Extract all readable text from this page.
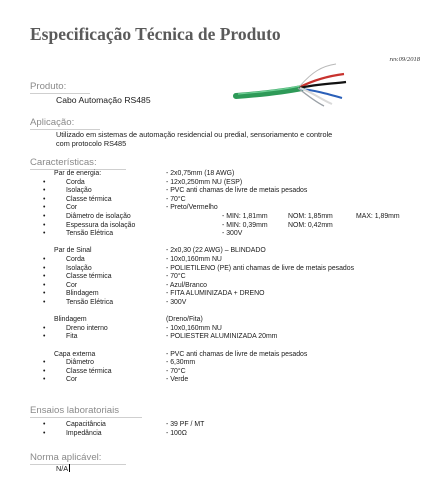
Especificação Técnica de Produto
rev.09/2018
Produto:
Cabo Automação RS485
Aplicação:
Utilizado em sistemas de automação residencial ou predial, sensoriamento e controle
com protocolo RS485
Características:
Par de energia:	- 2x0,75mm (18 AWG)
•	Corda	- 12x0,250mm NU (ESP)
•	Isolação	- PVC anti chamas de livre de metais pesados
•	Classe térmica	- 70°C
•	Cor	- Preto/Vermelho
•	Diâmetro de isolação	- MIN: 1,81mm	NOM: 1,85mm	MAX: 1,89mm
•	Espessura da isolação	- MIN: 0,39mm	NOM: 0,42mm
•	Tensão Elétrica	- 300V
Par de Sinal	- 2x0,30 (22 AWG) – BLINDADO
•	Corda	- 10x0,160mm NU
•	Isolação	- POLIETILENO (PE) anti chamas de livre de metais pesados
•	Classe térmica	- 70°C
•	Cor	- Azul/Branco
•	Blindagem	- FITA ALUMINIZADA + DRENO
•	Tensão Elétrica	- 300V
Blindagem	(Dreno/Fita)
•	Dreno interno	- 10x0,160mm NU
•	Fita	- POLIESTER ALUMINIZADA 20mm
Capa externa	- PVC anti chamas de livre de metais pesados
•	Diâmetro	- 6,30mm
•	Classe térmica	- 70°C
•	Cor	- Verde
Ensaios laboratoriais
•	Capacitância	- 39 PF / MT
•	Impedância	- 100Ω
Norma aplicável:
N/A
